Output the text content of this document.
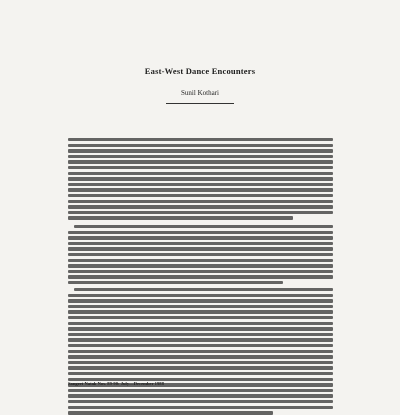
East-West Dance Encounters
Sunil Kothari
Sangeet Natak Nos. 89-90: July—December 1988
